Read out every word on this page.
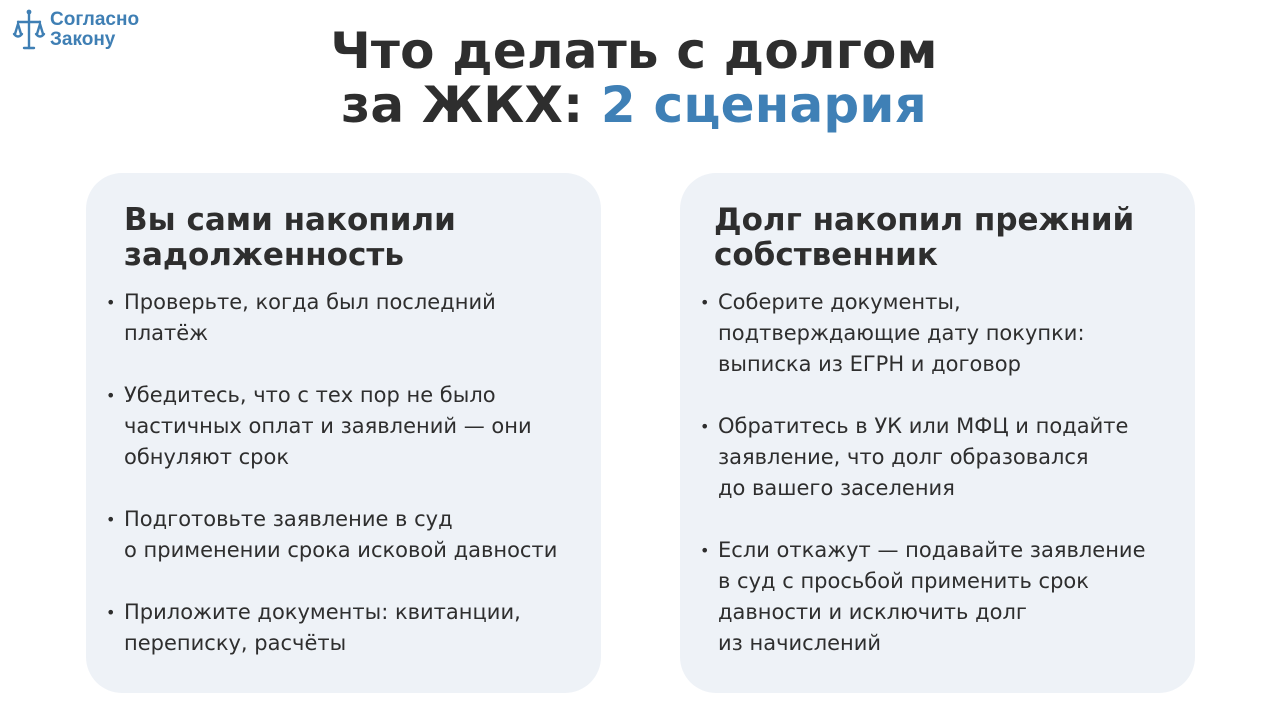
Согласно
Закону	Что делать с долгом
за ЖКХ: 2 сценария
Вы сами накопили
задолженность
• Проверьте, когда был последний
платёж
• Убедитесь, что с тех пор не было
частичных оплат и заявлений — они
обнуляют срок
• Подготовьте заявление в суд
о применении срока исковой давности
• Приложите документы: квитанции,
переписку, расчёты
Долг накопил прежний
собственник
• Соберите документы,
подтверждающие дату покупки:
выписка из ЕГРН и договор
• Обратитесь в УК или МФЦ и подайте
заявление, что долг образовался
до вашего заселения
• Если откажут — подавайте заявление
в суд с просьбой применить срок
давности и исключить долг
из начислений
